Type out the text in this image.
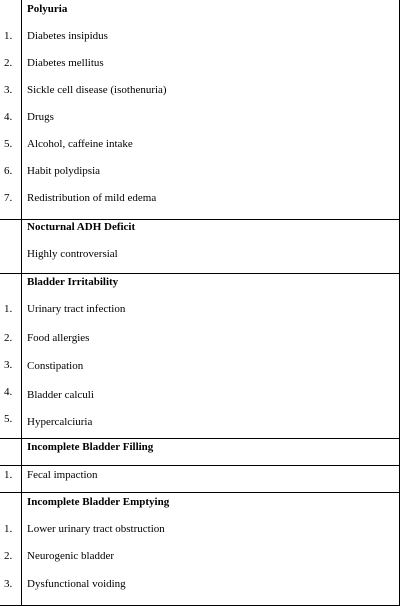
Polyuria
1. Diabetes insipidus
2. Diabetes mellitus
3. Sickle cell disease (isothenuria)
4. Drugs
5. Alcohol, caffeine intake
6. Habit polydipsia
7. Redistribution of mild edema
Nocturnal ADH Deficit
Highly controversial
Bladder Irritability
1. Urinary tract infection
2. Food allergies
3. Constipation
4. Bladder calculi
5. Hypercalciuria
Incomplete Bladder Filling
1. Fecal impaction
Incomplete Bladder Emptying
1. Lower urinary tract obstruction
2. Neurogenic bladder
3. Dysfunctional voiding
